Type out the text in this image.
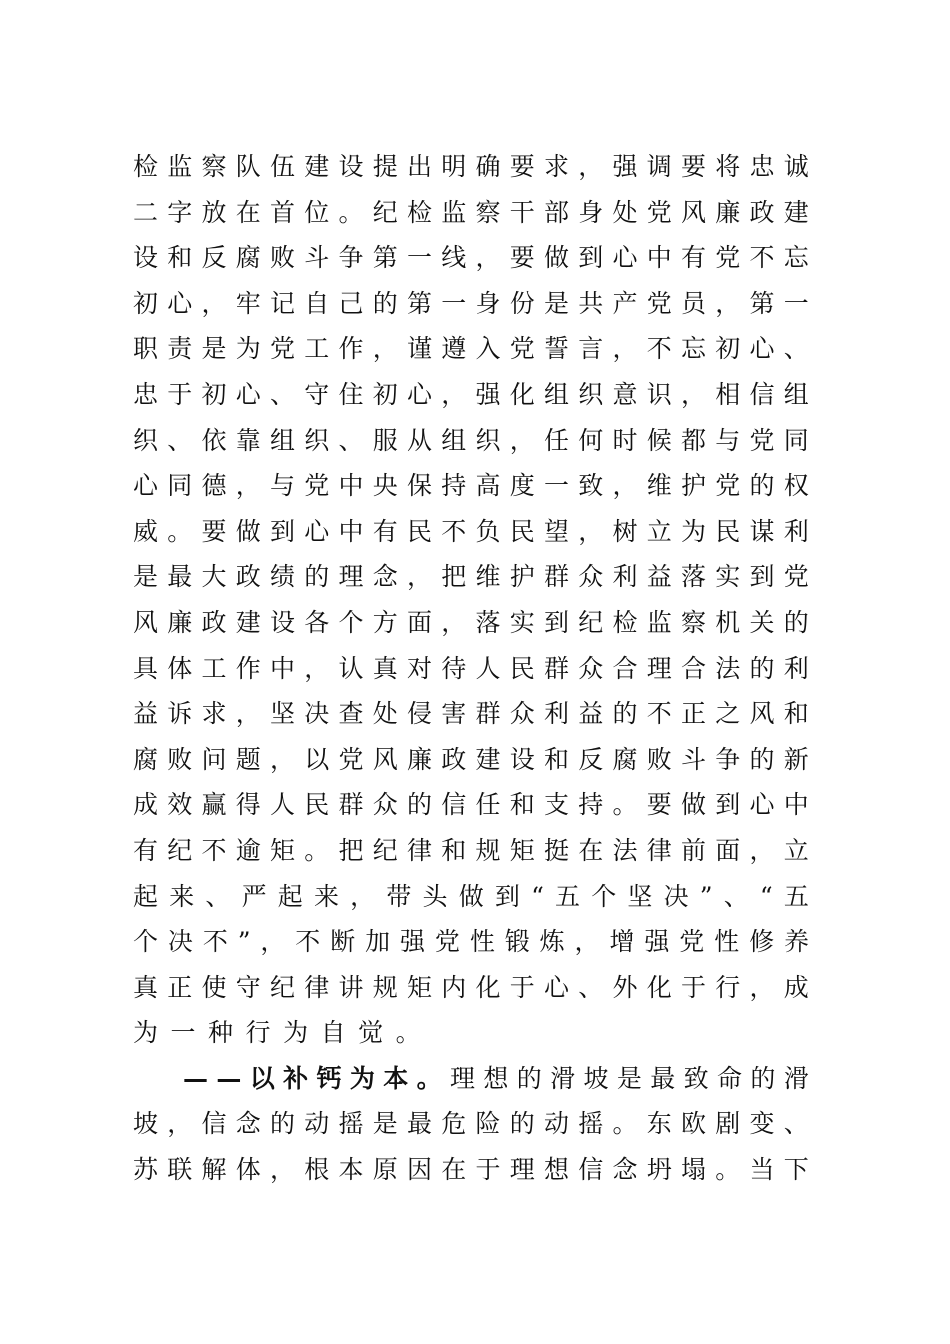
检 监 察 队 伍 建 设 提 出 明 确 要 求 ， 强 调 要 将 忠 诚
二 字 放 在 首 位 。 纪 检 监 察 干 部 身 处 党 风 廉 政 建
设 和 反 腐 败 斗 争 第 一 线 ， 要 做 到 心 中 有 党 不 忘
初 心 ， 牢 记 自 己 的 第 一 身 份 是 共 产 党 员 ， 第 一
职 责 是 为 党 工 作 ， 谨 遵 入 党 誓 言 ， 不 忘 初 心 、
忠 于 初 心 、 守 住 初 心 ， 强 化 组 织 意 识 ， 相 信 组
织 、 依 靠 组 织 、 服 从 组 织 ， 任 何 时 候 都 与 党 同
心 同 德 ， 与 党 中 央 保 持 高 度 一 致 ， 维 护 党 的 权
威 。 要 做 到 心 中 有 民 不 负 民 望 ， 树 立 为 民 谋 利
是 最 大 政 绩 的 理 念 ， 把 维 护 群 众 利 益 落 实 到 党
风 廉 政 建 设 各 个 方 面 ， 落 实 到 纪 检 监 察 机 关 的
具 体 工 作 中 ， 认 真 对 待 人 民 群 众 合 理 合 法 的 利
益 诉 求 ， 坚 决 查 处 侵 害 群 众 利 益 的 不 正 之 风 和
腐 败 问 题 ， 以 党 风 廉 政 建 设 和 反 腐 败 斗 争 的 新
成 效 赢 得 人 民 群 众 的 信 任 和 支 持 。 要 做 到 心 中
有 纪 不 逾 矩 。 把 纪 律 和 规 矩 挺 在 法 律 前 面 ， 立
起 来 、 严 起 来 ， 带 头 做 到 “ 五 个 坚 决 ” 、 “ 五
个 决 不 ” ， 不 断 加 强 党 性 锻 炼 ， 增 强 党 性 修 养
真 正 使 守 纪 律 讲 规 矩 内 化 于 心 、 外 化 于 行 ， 成
为 一 种 行 为 自 觉 。
— — 以 补 钙 为 本 。 理 想 的 滑 坡 是 最 致 命 的 滑
坡 ， 信 念 的 动 摇 是 最 危 险 的 动 摇 。 东 欧 剧 变 、
苏 联 解 体 ， 根 本 原 因 在 于 理 想 信 念 坍 塌 。 当 下
